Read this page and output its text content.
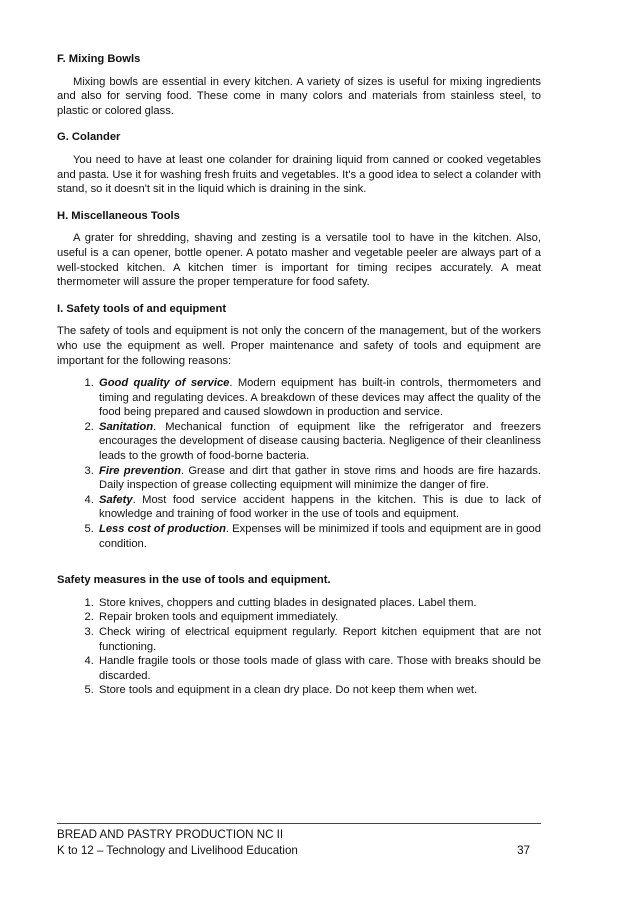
F. Mixing Bowls

Mixing bowls are essential in every kitchen. A variety of sizes is useful for mixing ingredients and also for serving food. These come in many colors and materials from stainless steel, to plastic or colored glass.

G. Colander

You need to have at least one colander for draining liquid from canned or cooked vegetables and pasta. Use it for washing fresh fruits and vegetables. It's a good idea to select a colander with stand, so it doesn't sit in the liquid which is draining in the sink.

H. Miscellaneous Tools

A grater for shredding, shaving and zesting is a versatile tool to have in the kitchen. Also, useful is a can opener, bottle opener. A potato masher and vegetable peeler are always part of a well-stocked kitchen. A kitchen timer is important for timing recipes accurately. A meat thermometer will assure the proper temperature for food safety.

I. Safety tools of and equipment

The safety of tools and equipment is not only the concern of the management, but of the workers who use the equipment as well. Proper maintenance and safety of tools and equipment are important for the following reasons:

1. Good quality of service. Modern equipment has built-in controls, thermometers and timing and regulating devices. A breakdown of these devices may affect the quality of the food being prepared and caused slowdown in production and service.
2. Sanitation. Mechanical function of equipment like the refrigerator and freezers encourages the development of disease causing bacteria. Negligence of their cleanliness leads to the growth of food-borne bacteria.
3. Fire prevention. Grease and dirt that gather in stove rims and hoods are fire hazards. Daily inspection of grease collecting equipment will minimize the danger of fire.
4. Safety. Most food service accident happens in the kitchen. This is due to lack of knowledge and training of food worker in the use of tools and equipment.
5. Less cost of production. Expenses will be minimized if tools and equipment are in good condition.

Safety measures in the use of tools and equipment.

1. Store knives, choppers and cutting blades in designated places. Label them.
2. Repair broken tools and equipment immediately.
3. Check wiring of electrical equipment regularly. Report kitchen equipment that are not functioning.
4. Handle fragile tools or those tools made of glass with care. Those with breaks should be discarded.
5. Store tools and equipment in a clean dry place. Do not keep them when wet.
BREAD AND PASTRY PRODUCTION NC II
K to 12 – Technology and Livelihood Education	37
